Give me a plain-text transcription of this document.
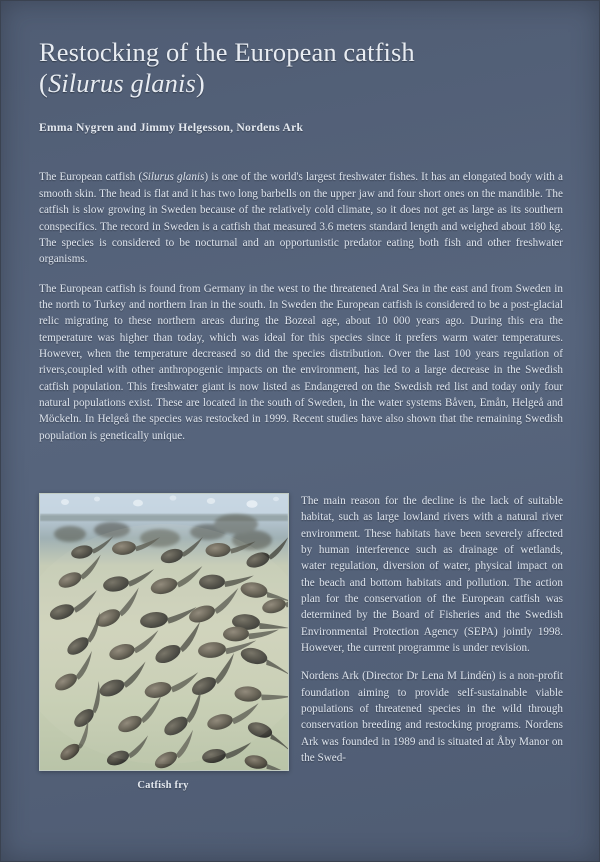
Restocking of the European catfish
(Silurus glanis)
Emma Nygren and Jimmy Helgesson, Nordens Ark

The European catfish (Silurus glanis) is one of the world's largest freshwater fishes. It has an elongated body with a smooth skin. The head is flat and it has two long barbells on the upper jaw and four short ones on the mandible. The catfish is slow growing in Sweden because of the relatively cold climate, so it does not get as large as its southern conspecifics. The record in Sweden is a catfish that measured 3.6 meters standard length and weighed about 180 kg. The species is considered to be nocturnal and an opportunistic predator eating both fish and other freshwater organisms.

The European catfish is found from Germany in the west to the threatened Aral Sea in the east and from Sweden in the north to Turkey and northern Iran in the south. In Sweden the European catfish is considered to be a post-glacial relic migrating to these northern areas during the Bozeal age, about 10 000 years ago. During this era the temperature was higher than today, which was ideal for this species since it prefers warm water temperatures. However, when the temperature decreased so did the species distribution. Over the last 100 years regulation of rivers,coupled with other anthropogenic impacts on the environment, has led to a large decrease in the Swedish catfish population. This freshwater giant is now listed as Endangered on the Swedish red list and today only four natural populations exist. These are located in the south of Sweden, in the water systems Båven, Emån, Helgeå and Möckeln. In Helgeå the species was restocked in 1999. Recent studies have also shown that the remaining Swedish population is genetically unique.

Catfish fry

The main reason for the decline is the lack of suitable habitat, such as large lowland rivers with a natural river environment. These habitats have been severely affected by human interference such as drainage of wetlands, water regulation, diversion of water, physical impact on the beach and bottom habitats and pollution. The action plan for the conservation of the European catfish was determined by the Board of Fisheries and the Swedish Environmental Protection Agency (SEPA) jointly 1998. However, the current programme is under revision.

Nordens Ark (Director Dr Lena M Lindén) is a non-profit foundation aiming to provide self-sustainable viable populations of threatened species in the wild through conservation breeding and restocking programs. Nordens Ark was founded in 1989 and is situated at Åby Manor on the Swed-
